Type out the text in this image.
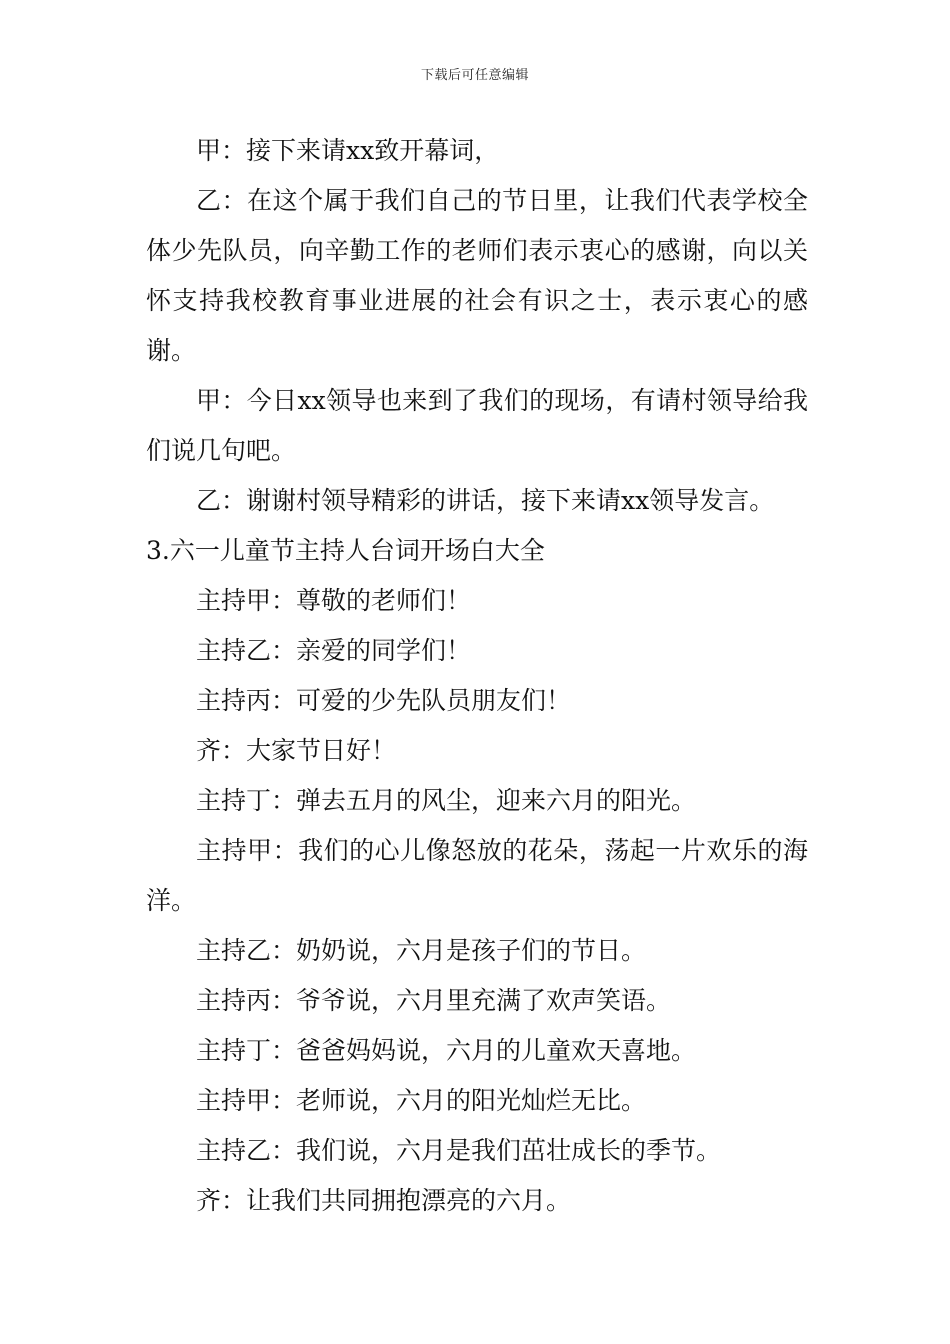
下载后可任意编辑

甲：接下来请xx致开幕词，

乙：在这个属于我们自己的节日里，让我们代表学校全体少先队员，向辛勤工作的老师们表示衷心的感谢，向以关怀支持我校教育事业进展的社会有识之士，表示衷心的感谢。

甲：今日xx领导也来到了我们的现场，有请村领导给我们说几句吧。

乙：谢谢村领导精彩的讲话，接下来请xx领导发言。

3.六一儿童节主持人台词开场白大全

主持甲：尊敬的老师们！

主持乙：亲爱的同学们！

主持丙：可爱的少先队员朋友们！

齐：大家节日好！

主持丁：弹去五月的风尘，迎来六月的阳光。

主持甲：我们的心儿像怒放的花朵，荡起一片欢乐的海洋。

主持乙：奶奶说，六月是孩子们的节日。

主持丙：爷爷说，六月里充满了欢声笑语。

主持丁：爸爸妈妈说，六月的儿童欢天喜地。

主持甲：老师说，六月的阳光灿烂无比。

主持乙：我们说，六月是我们茁壮成长的季节。

齐：让我们共同拥抱漂亮的六月。
